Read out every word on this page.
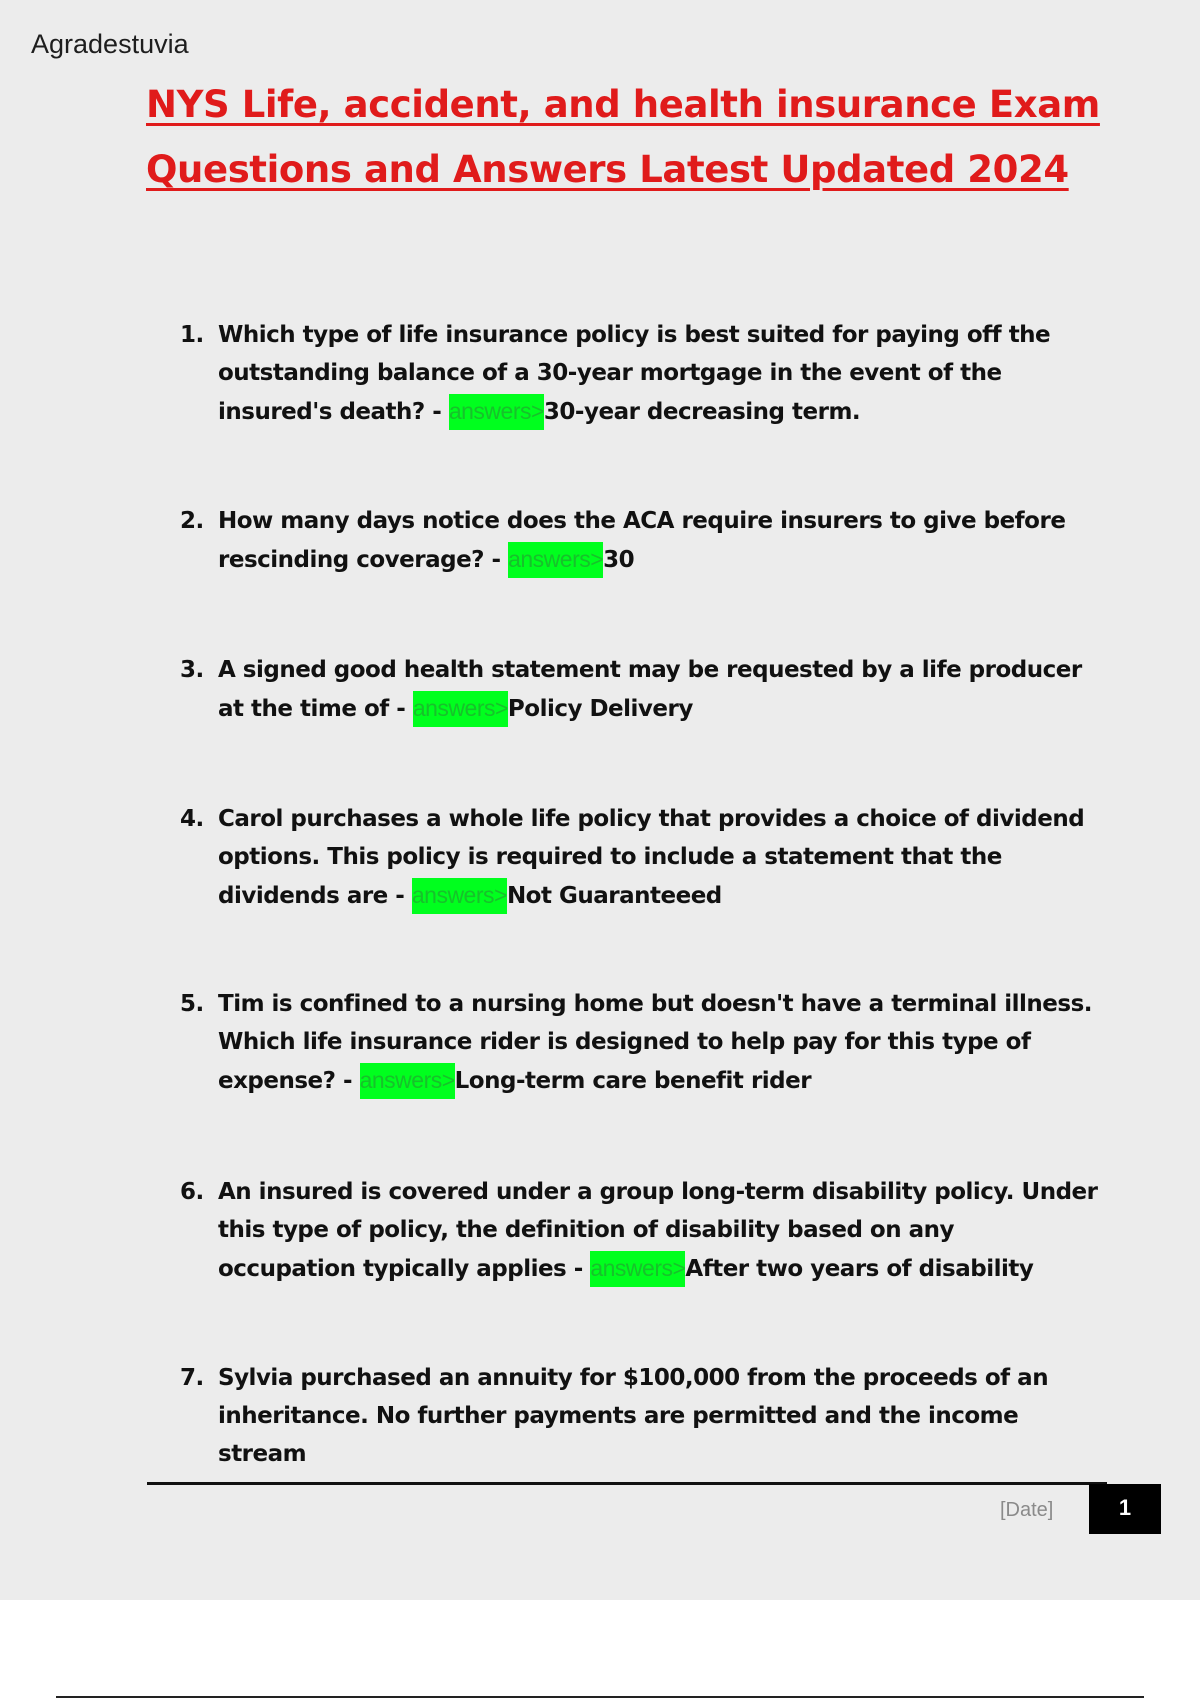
Agradestuvia
NYS Life, accident, and health insurance Exam
Questions and Answers Latest Updated 2024
1. Which type of life insurance policy is best suited for paying off the outstanding balance of a 30-year mortgage in the event of the insured's death? - answers>30-year decreasing term.
2. How many days notice does the ACA require insurers to give before rescinding coverage? - answers>30
3. A signed good health statement may be requested by a life producer at the time of - answers>Policy Delivery
4. Carol purchases a whole life policy that provides a choice of dividend options. This policy is required to include a statement that the dividends are - answers>Not Guaranteeed
5. Tim is confined to a nursing home but doesn't have a terminal illness. Which life insurance rider is designed to help pay for this type of expense? - answers>Long-term care benefit rider
6. An insured is covered under a group long-term disability policy. Under this type of policy, the definition of disability based on any occupation typically applies - answers>After two years of disability
7. Sylvia purchased an annuity for $100,000 from the proceeds of an inheritance. No further payments are permitted and the income stream
[Date]	1
